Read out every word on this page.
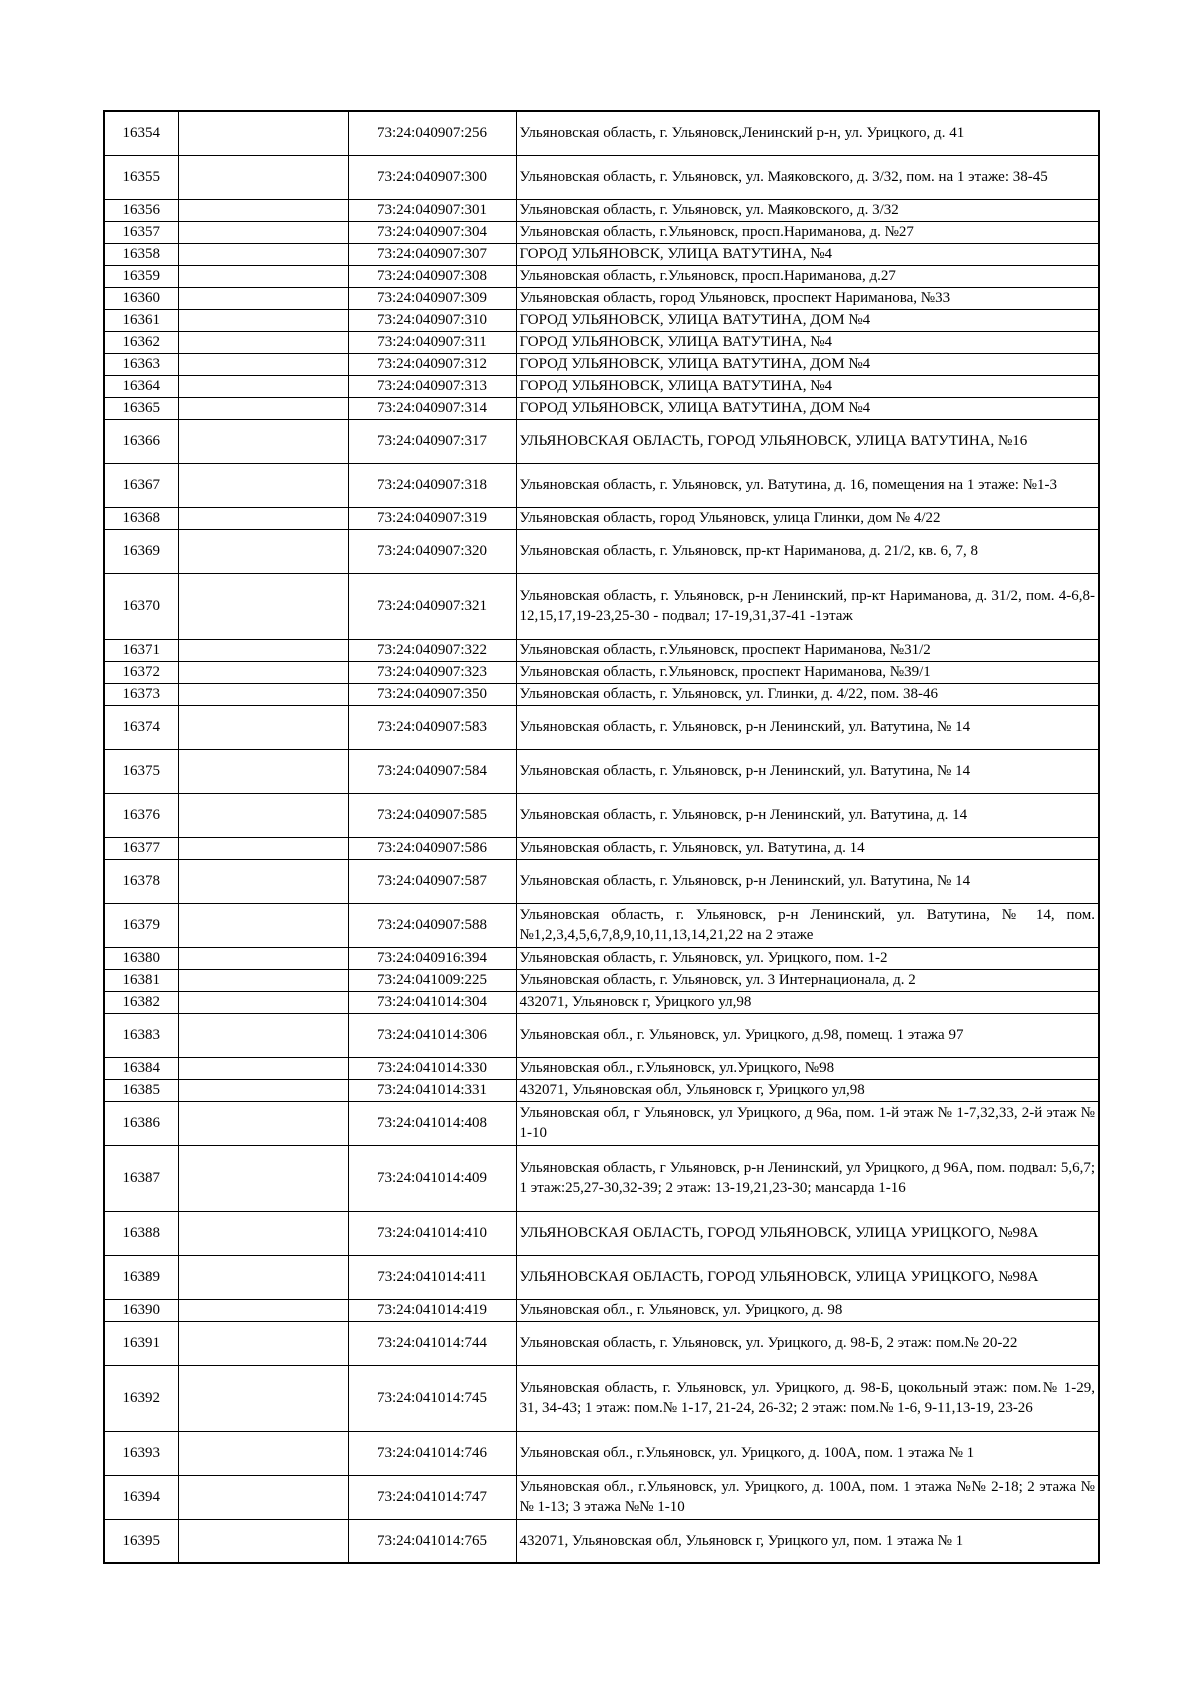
16354		73:24:040907:256	Ульяновская область, г. Ульяновск,Ленинский р-н, ул. Урицкого, д. 41
16355		73:24:040907:300	Ульяновская область, г. Ульяновск, ул. Маяковского, д. 3/32, пом. на 1 этаже: 38-45
16356		73:24:040907:301	Ульяновская область, г. Ульяновск, ул. Маяковского, д. 3/32
16357		73:24:040907:304	Ульяновская область, г.Ульяновск, просп.Нариманова, д. №27
16358		73:24:040907:307	ГОРОД УЛЬЯНОВСК, УЛИЦА ВАТУТИНА, №4
16359		73:24:040907:308	Ульяновская область, г.Ульяновск, просп.Нариманова, д.27
16360		73:24:040907:309	Ульяновская область, город Ульяновск, проспект Нариманова, №33
16361		73:24:040907:310	ГОРОД УЛЬЯНОВСК, УЛИЦА ВАТУТИНА, ДОМ №4
16362		73:24:040907:311	ГОРОД УЛЬЯНОВСК, УЛИЦА ВАТУТИНА, №4
16363		73:24:040907:312	ГОРОД УЛЬЯНОВСК, УЛИЦА ВАТУТИНА, ДОМ №4
16364		73:24:040907:313	ГОРОД УЛЬЯНОВСК, УЛИЦА ВАТУТИНА, №4
16365		73:24:040907:314	ГОРОД УЛЬЯНОВСК, УЛИЦА ВАТУТИНА, ДОМ №4
16366		73:24:040907:317	УЛЬЯНОВСКАЯ ОБЛАСТЬ, ГОРОД УЛЬЯНОВСК, УЛИЦА ВАТУТИНА, №16
16367		73:24:040907:318	Ульяновская область, г. Ульяновск, ул. Ватутина, д. 16, помещения на 1 этаже: №1-3
16368		73:24:040907:319	Ульяновская область, город Ульяновск, улица Глинки, дом № 4/22
16369		73:24:040907:320	Ульяновская область, г. Ульяновск, пр-кт Нариманова, д. 21/2, кв. 6, 7, 8
16370		73:24:040907:321	Ульяновская область, г. Ульяновск, р-н Ленинский, пр-кт Нариманова, д. 31/2, пом. 4-6,8-12,15,17,19-23,25-30 - подвал; 17-19,31,37-41 -1этаж
16371		73:24:040907:322	Ульяновская область, г.Ульяновск, проспект Нариманова, №31/2
16372		73:24:040907:323	Ульяновская область, г.Ульяновск, проспект Нариманова, №39/1
16373		73:24:040907:350	Ульяновская область, г. Ульяновск, ул. Глинки, д. 4/22, пом. 38-46
16374		73:24:040907:583	Ульяновская область, г. Ульяновск, р-н Ленинский, ул. Ватутина, № 14
16375		73:24:040907:584	Ульяновская область, г. Ульяновск, р-н Ленинский, ул. Ватутина, № 14
16376		73:24:040907:585	Ульяновская область, г. Ульяновск, р-н Ленинский, ул. Ватутина, д. 14
16377		73:24:040907:586	Ульяновская область, г. Ульяновск, ул. Ватутина, д. 14
16378		73:24:040907:587	Ульяновская область, г. Ульяновск, р-н Ленинский, ул. Ватутина, № 14
16379		73:24:040907:588	Ульяновская область, г. Ульяновск, р-н Ленинский, ул. Ватутина, № 14, пом. №1,2,3,4,5,6,7,8,9,10,11,13,14,21,22 на 2 этаже
16380		73:24:040916:394	Ульяновская область, г. Ульяновск, ул. Урицкого, пом. 1-2
16381		73:24:041009:225	Ульяновская область, г. Ульяновск, ул. 3 Интернационала, д. 2
16382		73:24:041014:304	432071, Ульяновск г, Урицкого ул,98
16383		73:24:041014:306	Ульяновская обл., г. Ульяновск, ул. Урицкого, д.98, помещ. 1 этажа 97
16384		73:24:041014:330	Ульяновская обл., г.Ульяновск, ул.Урицкого, №98
16385		73:24:041014:331	432071, Ульяновская обл, Ульяновск г, Урицкого ул,98
16386		73:24:041014:408	Ульяновская обл, г Ульяновск, ул Урицкого, д 96а, пом. 1-й этаж № 1-7,32,33, 2-й этаж № 1-10
16387		73:24:041014:409	Ульяновская область, г Ульяновск, р-н Ленинский, ул Урицкого, д 96А, пом. подвал: 5,6,7; 1 этаж:25,27-30,32-39; 2 этаж: 13-19,21,23-30; мансарда 1-16
16388		73:24:041014:410	УЛЬЯНОВСКАЯ ОБЛАСТЬ, ГОРОД УЛЬЯНОВСК, УЛИЦА УРИЦКОГО, №98А
16389		73:24:041014:411	УЛЬЯНОВСКАЯ ОБЛАСТЬ, ГОРОД УЛЬЯНОВСК, УЛИЦА УРИЦКОГО, №98А
16390		73:24:041014:419	Ульяновская обл., г. Ульяновск, ул. Урицкого, д. 98
16391		73:24:041014:744	Ульяновская область, г. Ульяновск, ул. Урицкого, д. 98-Б, 2 этаж: пом.№ 20-22
16392		73:24:041014:745	Ульяновская область, г. Ульяновск, ул. Урицкого, д. 98-Б, цокольный этаж: пом.№ 1-29, 31, 34-43; 1 этаж: пом.№ 1-17, 21-24, 26-32; 2 этаж: пом.№ 1-6, 9-11,13-19, 23-26
16393		73:24:041014:746	Ульяновская обл., г.Ульяновск, ул. Урицкого, д. 100А, пом. 1 этажа № 1
16394		73:24:041014:747	Ульяновская обл., г.Ульяновск, ул. Урицкого, д. 100А, пом. 1 этажа №№ 2-18; 2 этажа №№ 1-13; 3 этажа №№ 1-10
16395		73:24:041014:765	432071, Ульяновская обл, Ульяновск г, Урицкого ул, пом. 1 этажа № 1
